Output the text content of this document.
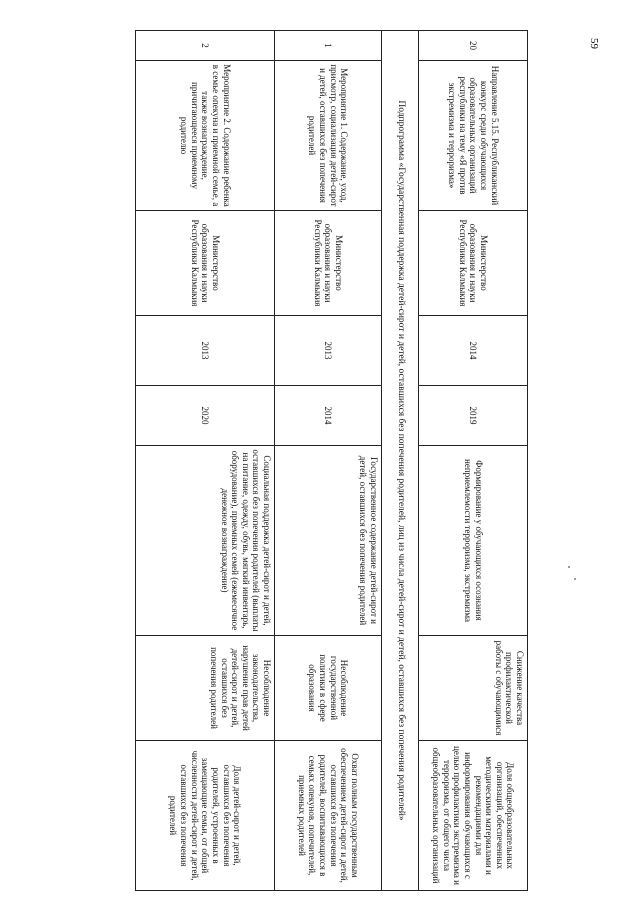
59
20	Направление 5.15. Республиканский конкурс среди обучающихся образовательных организаций республики на тему «Я против экстремизма и терроризма»	Министерство образования и науки Республики Калмыкия	2014	2019	Формирование у обучающихся осознания неприемлемости терроризма, экстремизма	Снижение качества профилактической работы с обучающимися	Доля общеобразовательных организаций, обеспеченных методическими материалами и рекомендациями для информирования обучающихся с целью профилактики экстремизма и терроризма, от общего числа общеобразовательных организаций
Подпрограмма «Государственная поддержка детей-сирот и детей, оставшихся без попечения родителей, лиц из числа детей-сирот и детей, оставшихся без попечения родителей»							
1	Мероприятие 1. Содержание, уход, присмотр, социализация детей-сирот и детей, оставшихся без попечения родителей	Министерство образования и науки Республики Калмыкия	2013	2014	Государственное содержание детей-сирот и детей, оставшихся без попечения родителей	Несоблюдение государственной политики в сфере образования	Охват полным государственным обеспечением детей-сирот и детей, оставшихся без попечения родителей, воспитывающихся в семьях опекунов, попечителей, приемных родителей
2	Мероприятие 2. Содержание ребенка в семье опекуна и приемной семье, а также вознаграждение, причитающееся приемному родителю	Министерство образования и науки Республики Калмыкия	2013	2020	Социальная поддержка детей-сирот и детей, оставшихся без попечения родителей (выплаты на питание, одежду, обувь, мягкий инвентарь, оборудование), приемных семей (ежемесячное денежное вознаграждение)	Несоблюдение законодательства, нарушение прав детей детей-сирот и детей, оставшихся без попечения родителей	Доля детей-сирот и детей, оставшихся без попечения родителей, устроенных в замещающие семьи, от общей численности детей-сирот и детей, оставшихся без попечения родителей
